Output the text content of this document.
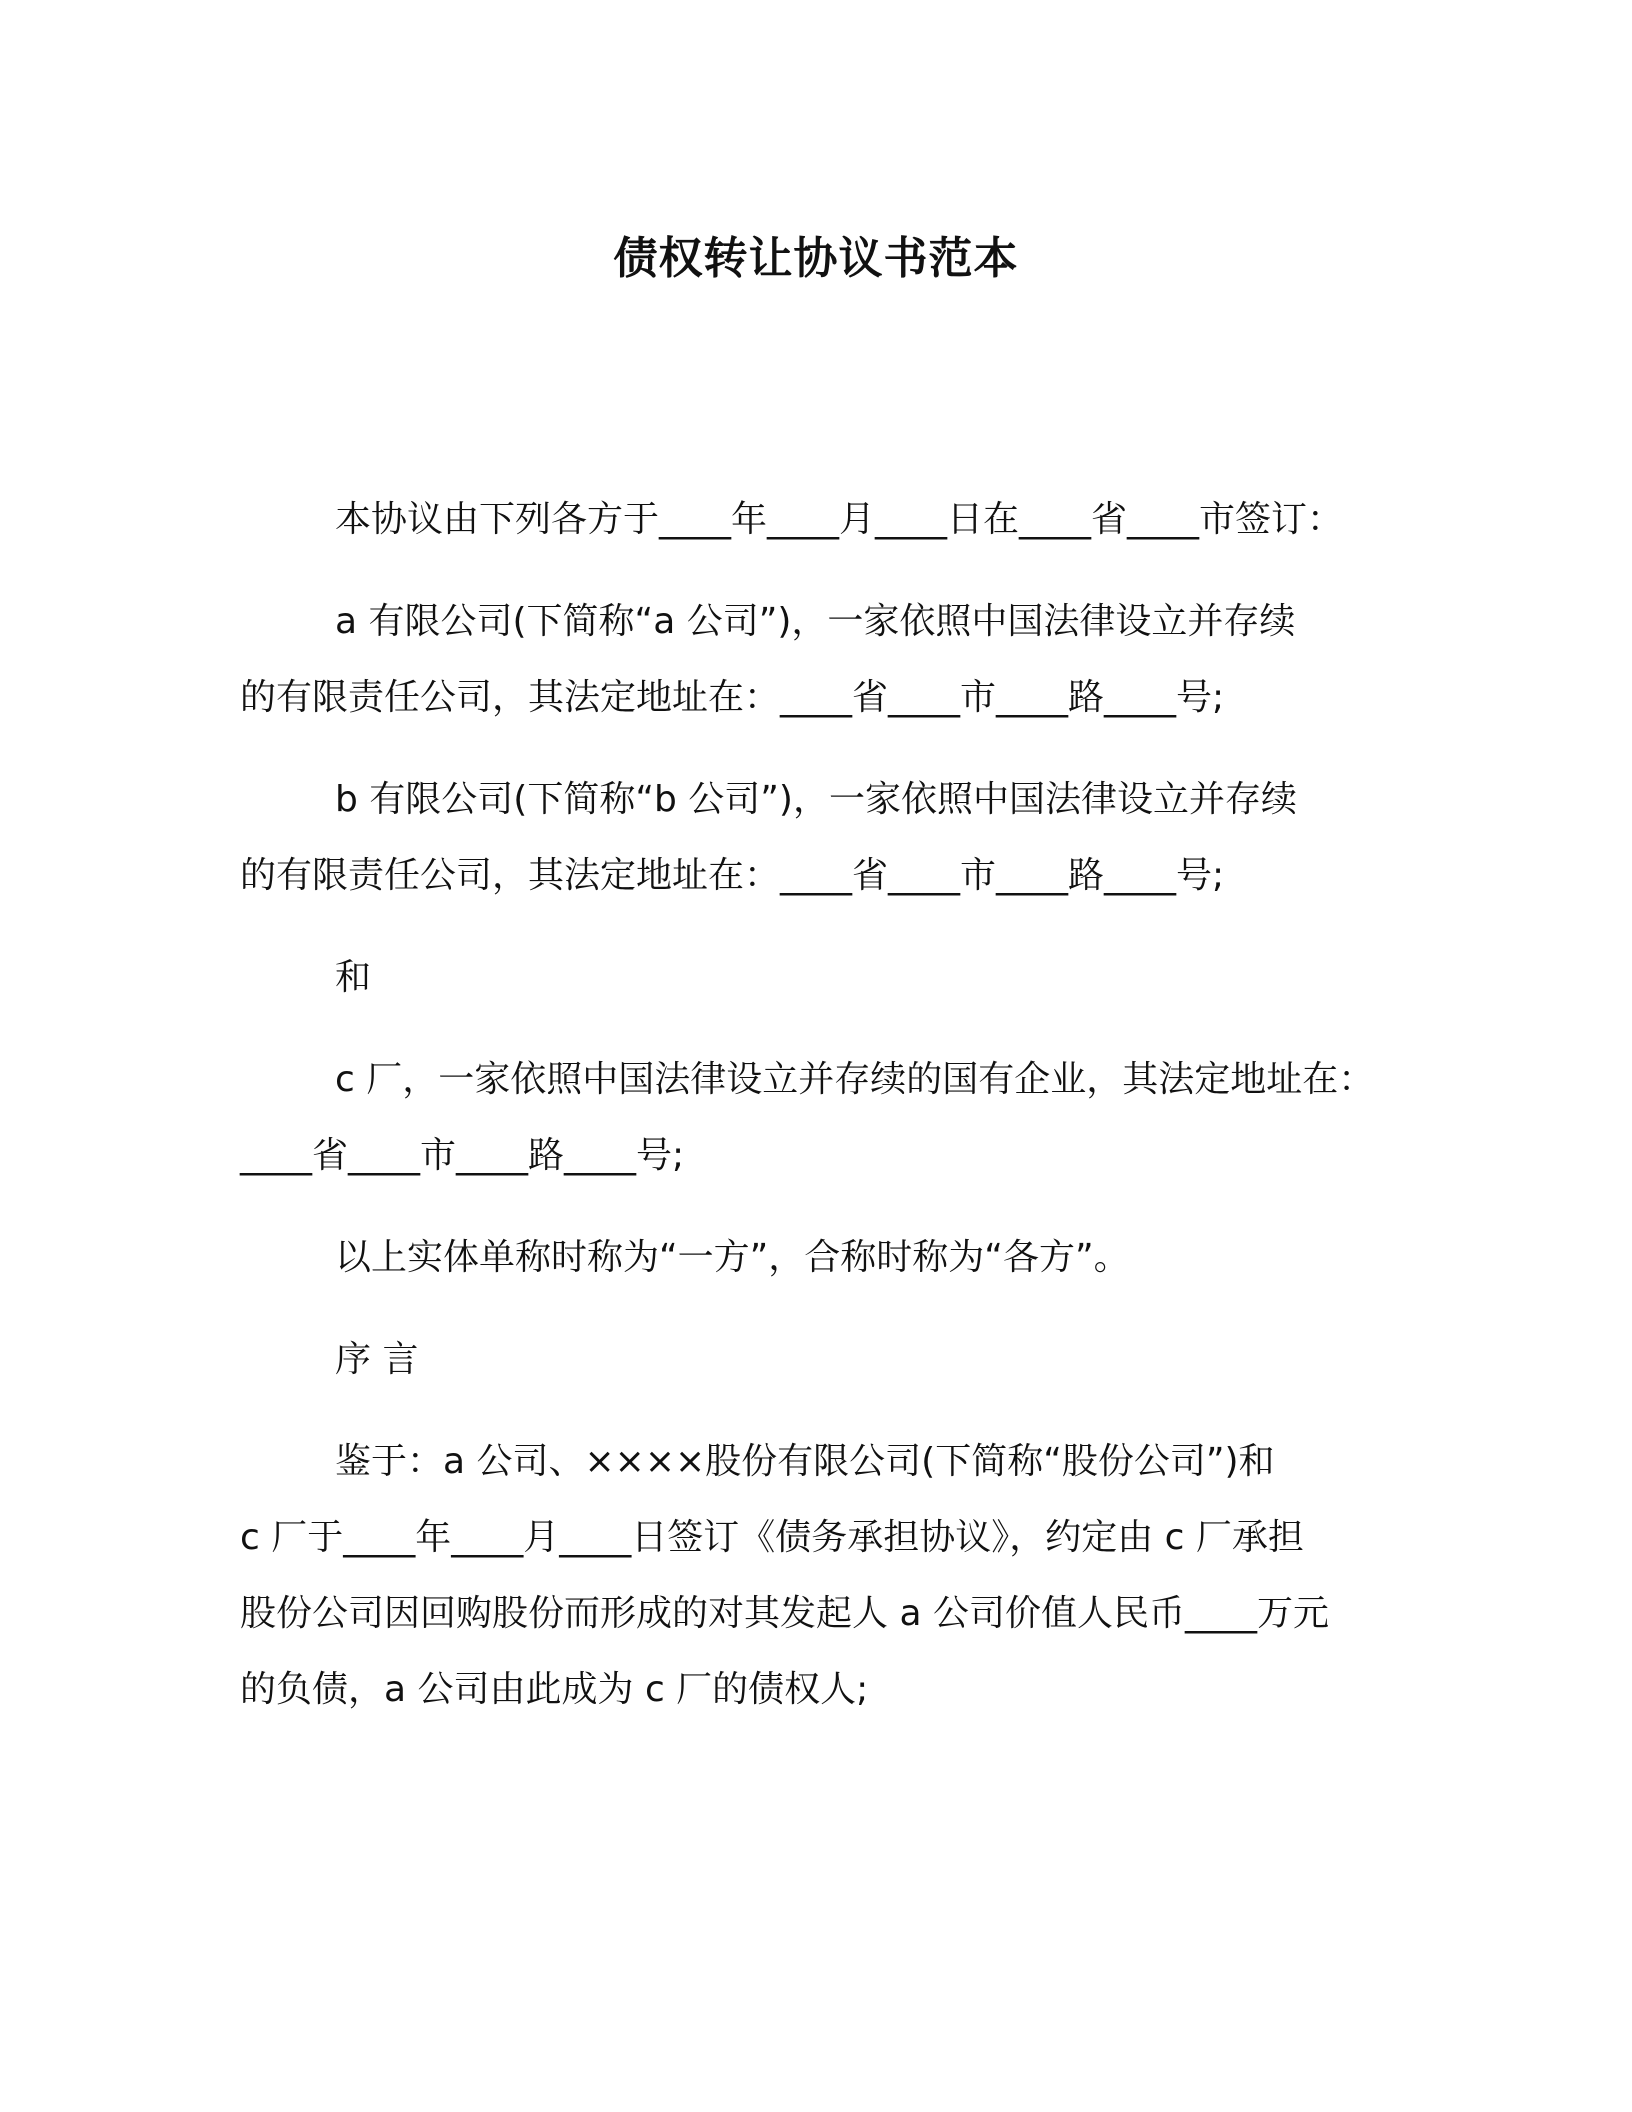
债权转让协议书范本
本协议由下列各方于____年____月____日在____省____市签订：
a 有限公司(下简称“a 公司”)，一家依照中国法律设立并存续
的有限责任公司，其法定地址在：____省____市____路____号;
b 有限公司(下简称“b 公司”)，一家依照中国法律设立并存续
的有限责任公司，其法定地址在：____省____市____路____号;
和
c 厂，一家依照中国法律设立并存续的国有企业，其法定地址在：
____省____市____路____号;
以上实体单称时称为“一方”，合称时称为“各方”。
序 言
鉴于：a 公司、××××股份有限公司(下简称“股份公司”)和
c 厂于____年____月____日签订《债务承担协议》，约定由 c 厂承担
股份公司因回购股份而形成的对其发起人 a 公司价值人民币____万元
的负债，a 公司由此成为 c 厂的债权人;
